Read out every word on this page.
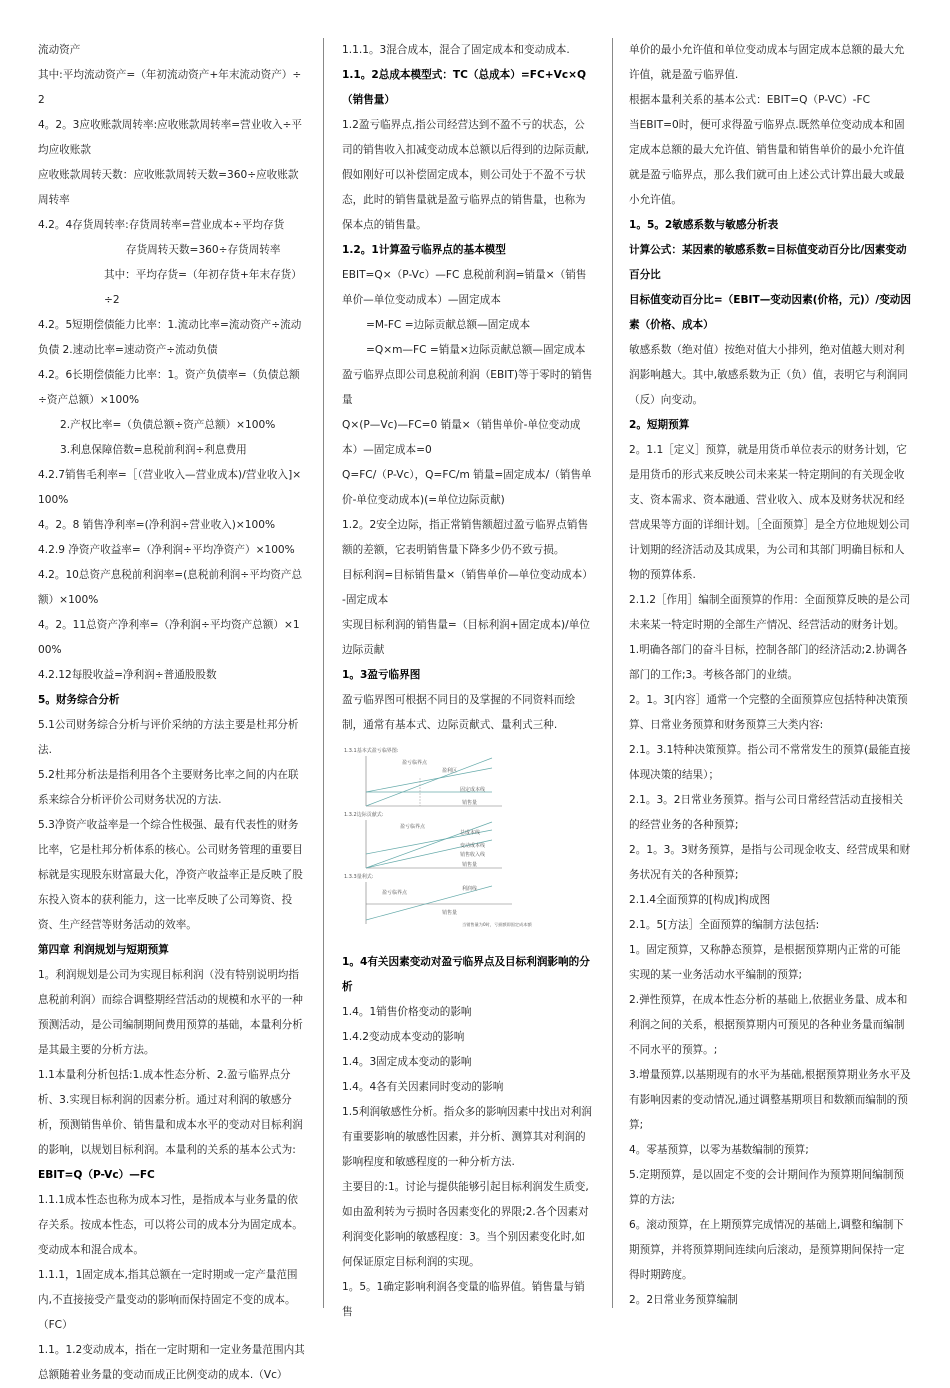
流动资产

其中:平均流动资产=（年初流动资产+年末流动资产）÷2

4。2。3应收账款周转率:应收账款周转率=营业收入÷平均应收账款

应收账款周转天数：应收账款周转天数=360÷应收账款周转率

4.2。4存货周转率:存货周转率=营业成本÷平均存货

存货周转天数=360÷存货周转率

其中：平均存货=（年初存货+年末存货）÷2

4.2。5短期偿债能力比率：1.流动比率=流动资产÷流动负债 2.速动比率=速动资产÷流动负债

4.2。6长期偿债能力比率：1。资产负债率=（负债总额÷资产总额）×100%

2.产权比率=（负债总额÷资产总额）×100%

3.利息保障倍数=息税前利润÷利息费用

4.2.7销售毛利率=［（营业收入—营业成本)/营业收入]×100%

4。2。8 销售净利率=(净利润÷营业收入)×100%

4.2.9 净资产收益率=（净利润÷平均净资产）×100%

4.2。10总资产息税前利润率=(息税前利润÷平均资产总额）×100%

4。2。11总资产净利率=（净利润÷平均资产总额）×100%

4.2.12每股收益=净利润÷普通股股数

5。财务综合分析

5.1公司财务综合分析与评价采纳的方法主要是杜邦分析法.

5.2杜邦分析法是指利用各个主要财务比率之间的内在联系来综合分析评价公司财务状况的方法.

5.3净资产收益率是一个综合性极强、最有代表性的财务比率，它是杜邦分析体系的核心。公司财务管理的重要目标就是实现股东财富最大化，净资产收益率正是反映了股东投入资本的获利能力，这一比率反映了公司筹资、投资、生产经营等财务活动的效率。

第四章 利润规划与短期预算

1。利润规划是公司为实现目标利润（没有特别说明均指息税前利润）而综合调整期经营活动的规模和水平的一种预测活动，是公司编制期间费用预算的基础，本量利分析是其最主要的分析方法。

1.1本量利分析包括:1.成本性态分析、2.盈亏临界点分析、3.实现目标利润的因素分析。通过对利润的敏感分析，预测销售单价、销售量和成本水平的变动对目标利润的影响，以规划目标利润。本量利的关系的基本公式为:

EBIT=Q（P-Vc）—FC

1.1.1成本性态也称为成本习性，是指成本与业务量的依存关系。按成本性态，可以将公司的成本分为固定成本。变动成本和混合成本。

1.1.1，1固定成本,指其总额在一定时期或一定产量范围内,不直接接受产量变动的影响而保持固定不变的成本。（FC）

1.1。1.2变动成本，指在一定时期和一定业务量范围内其总额随着业务量的变动而成正比例变动的成本.（Vc）

1.1.1。3混合成本，混合了固定成本和变动成本.

1.1。2总成本模型式：TC（总成本）=FC+Vc×Q（销售量）

1.2盈亏临界点,指公司经营达到不盈不亏的状态，公司的销售收入扣减变动成本总额以后得到的边际贡献,假如刚好可以补偿固定成本，则公司处于不盈不亏状态，此时的销售量就是盈亏临界点的销售量，也称为保本点的销售量。

1.2。1计算盈亏临界点的基本模型

EBIT=Q×（P-Vc）—FC 息税前利润=销量×（销售单价—单位变动成本）—固定成本

=M-FC =边际贡献总额—固定成本

=Q×m—FC =销量×边际贡献总额—固定成本

盈亏临界点即公司息税前利润（EBIT)等于零时的销售量

Q×(P—Vc)—FC=0 销量×（销售单价-单位变动成本）—固定成本=0

Q=FC/（P-Vc），Q=FC/m 销量=固定成本/（销售单价-单位变动成本)(=单位边际贡献)

1.2。2安全边际，指正常销售额超过盈亏临界点销售额的差额，它表明销售量下降多少仍不致亏损。

目标利润=目标销售量×（销售单价—单位变动成本）-固定成本

实现目标利润的销售量=（目标利润+固定成本)/单位边际贡献

1。3盈亏临界图

盈亏临界图可根据不同目的及掌握的不同资料而绘制，通常有基本式、边际贡献式、量利式三种.

1.3.1基本式盈亏临界图:
盈亏临界点
盈利区
固定成本线
销售量
1.3.2边际贡献式:
盈亏临界点
总成本线
变动成本线
销售收入线
销售量
1.3.3量利式:
利润线
盈亏临界点
销售量
当销售量为0时，亏损额即固定成本额

1。4有关因素变动对盈亏临界点及目标利润影响的分析

1.4。1销售价格变动的影响

1.4.2变动成本变动的影响

1.4。3固定成本变动的影响

1.4。4各有关因素同时变动的影响

1.5利润敏感性分析。指众多的影响因素中找出对利润有重要影响的敏感性因素，并分析、测算其对利润的影响程度和敏感程度的一种分析方法.

主要目的:1。讨论与提供能够引起目标利润发生质变,如由盈利转为亏损时各因素变化的界限;2.各个因素对利润变化影响的敏感程度：3。当个别因素变化时,如何保证原定目标利润的实现。

1。5。1确定影响利润各变量的临界值。销售量与销售

单价的最小允许值和单位变动成本与固定成本总额的最大允许值，就是盈亏临界值.

根据本量利关系的基本公式：EBIT=Q（P-VC）-FC

当EBIT=0时，便可求得盈亏临界点.既然单位变动成本和固定成本总额的最大允许值、销售量和销售单价的最小允许值就是盈亏临界点，那么我们就可由上述公式计算出最大或最小允许值。

1。5。2敏感系数与敏感分析表

计算公式：某因素的敏感系数=目标值变动百分比/因素变动百分比

目标值变动百分比=（EBIT—变动因素(价格，元)）/变动因素（价格、成本）

敏感系数（绝对值）按绝对值大小排列，绝对值越大则对利润影响越大。其中,敏感系数为正（负）值，表明它与利润同（反）向变动。

2。短期预算

2。1.1［定义］预算，就是用货币单位表示的财务计划，它是用货币的形式来反映公司未来某一特定期间的有关现金收支、资本需求、资本融通、营业收入、成本及财务状况和经营成果等方面的详细计划。［全面预算］是全方位地规划公司计划期的经济活动及其成果，为公司和其部门明确目标和人物的预算体系.

2.1.2［作用］编制全面预算的作用：全面预算反映的是公司未来某一特定时期的全部生产情况、经营活动的财务计划。1.明确各部门的奋斗目标，控制各部门的经济活动;2.协调各部门的工作;3。考核各部门的业绩。

2。1。3[内容］通常一个完整的全面预算应包括特种决策预算、日常业务预算和财务预算三大类内容:

2.1。3.1特种决策预算。指公司不常常发生的预算(最能直接体现决策的结果）；

2.1。3。2日常业务预算。指与公司日常经营活动直接相关的经营业务的各种预算;

2。1。3。3财务预算，是指与公司现金收支、经营成果和财务状况有关的各种预算;

2.1.4全面预算的[构成]构成图

2.1。5[方法］全面预算的编制方法包括:

1。固定预算，又称静态预算，是根据预算期内正常的可能实现的某一业务活动水平编制的预算;

2.弹性预算，在成本性态分析的基础上,依据业务量、成本和利润之间的关系，根据预算期内可预见的各种业务量而编制不同水平的预算。;

3.增量预算,以基期现有的水平为基础,根据预算期业务水平及有影响因素的变动情况,通过调整基期项目和数额而编制的预算;

4。零基预算，以零为基数编制的预算;

5.定期预算，是以固定不变的会计期间作为预算期间编制预算的方法;

6。滚动预算，在上期预算完成情况的基础上,调整和编制下期预算，并将预算期间连续向后滚动，是预算期间保持一定得时期跨度。

2。2日常业务预算编制
